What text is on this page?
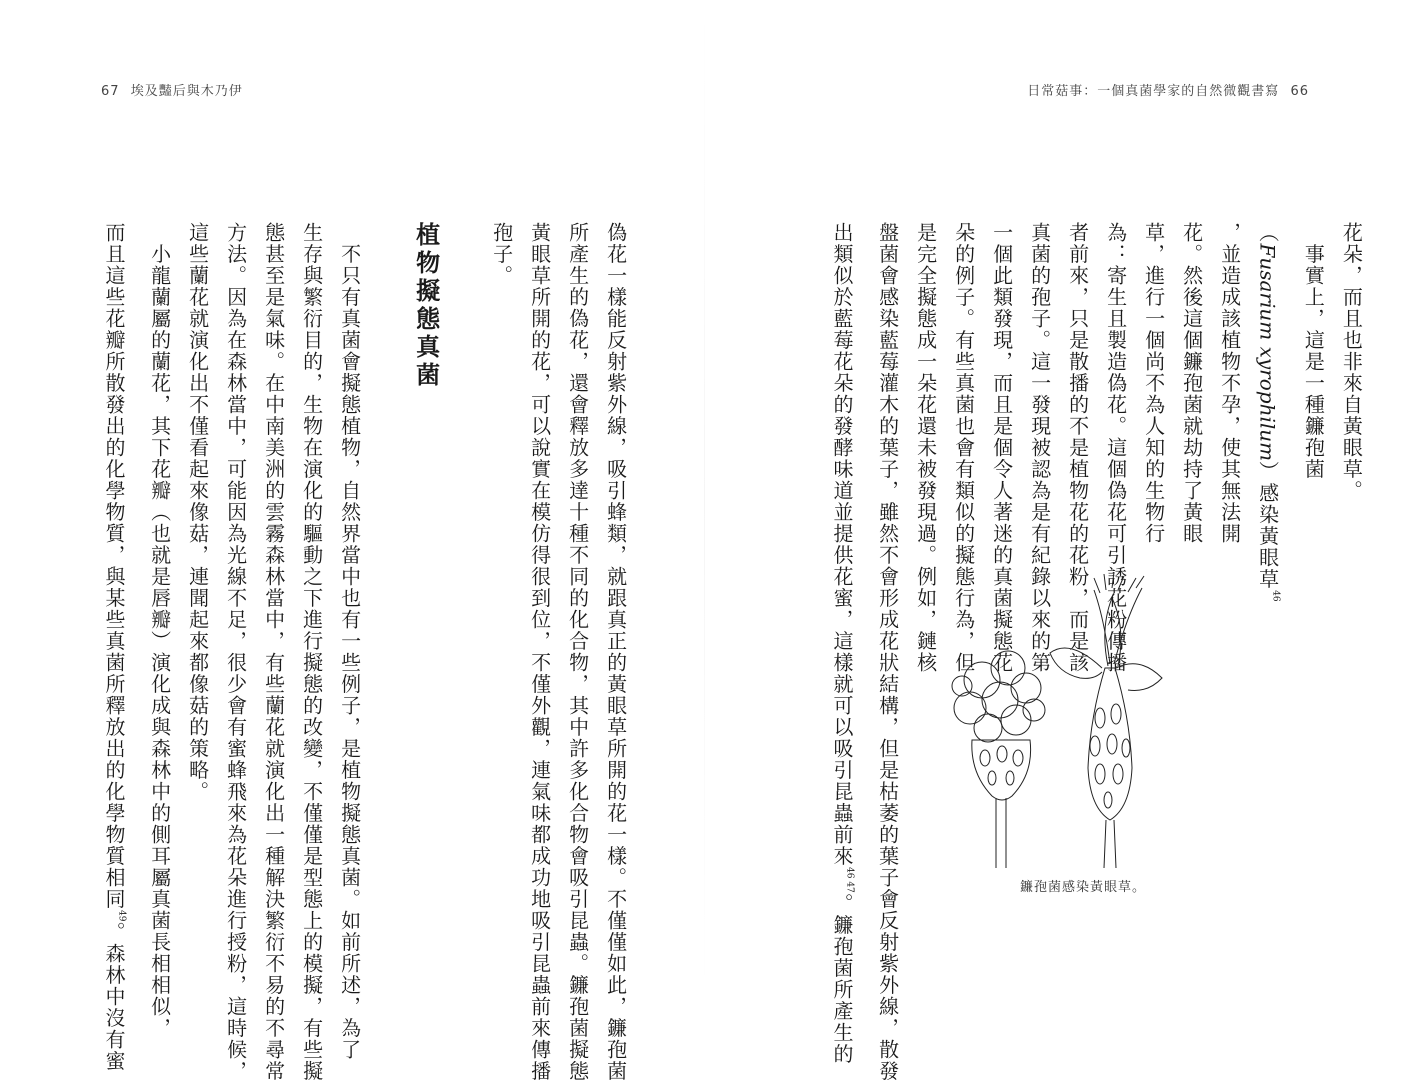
67 埃及豔后與木乃伊	日常菇事：一個真菌學家的自然微觀書寫 66

花朵，而且也非來自黃眼草。

　事實上，這是一種鐮孢菌

（Fusarium xyrophilum）感染黃眼草$^{46}$

，並造成該植物不孕，使其無法開

花。然後這個鐮孢菌就劫持了黃眼

草，進行一個尚不為人知的生物行

為：寄生且製造偽花。這個偽花可引誘花粉傳播

者前來，只是散播的不是植物花的花粉，而是該

真菌的孢子。這一發現被認為是有紀錄以來的第

一個此類發現，而且是個令人著迷的真菌擬態花

朵的例子。有些真菌也會有類似的擬態行為，但

是完全擬態成一朵花還未被發現過。例如，鏈核

盤菌會感染藍莓灌木的葉子，雖然不會形成花狀結構，但是枯萎的葉子會反射紫外線，散發

出類似於藍莓花朵的發酵味道並提供花蜜，這樣就可以吸引昆蟲前來$^{46 47}$。鐮孢菌所產生的

鐮孢菌感染黃眼草。

偽花一樣能反射紫外線，吸引蜂類，就跟真正的黃眼草所開的花一樣。不僅僅如此，鐮孢菌

所產生的偽花，還會釋放多達十種不同的化合物，其中許多化合物會吸引昆蟲。鐮孢菌擬態

黃眼草所開的花，可以說實在模仿得很到位，不僅外觀，連氣味都成功地吸引昆蟲前來傳播

孢子。

植物擬態真菌

　不只有真菌會擬態植物，自然界當中也有一些例子，是植物擬態真菌。如前所述，為了

生存與繁衍目的，生物在演化的驅動之下進行擬態的改變，不僅僅是型態上的模擬，有些擬

態甚至是氣味。在中南美洲的雲霧森林當中，有些蘭花就演化出一種解決繁衍不易的不尋常

方法。因為在森林當中，可能因為光線不足，很少會有蜜蜂飛來為花朵進行授粉，這時候，

這些蘭花就演化出不僅看起來像菇，連聞起來都像菇的策略。

　小龍蘭屬的蘭花，其下花瓣（也就是唇瓣）演化成與森林中的側耳屬真菌長相相似，

而且這些花瓣所散發出的化學物質，與某些真菌所釋放出的化學物質相同$^{49}$。森林中沒有蜜
